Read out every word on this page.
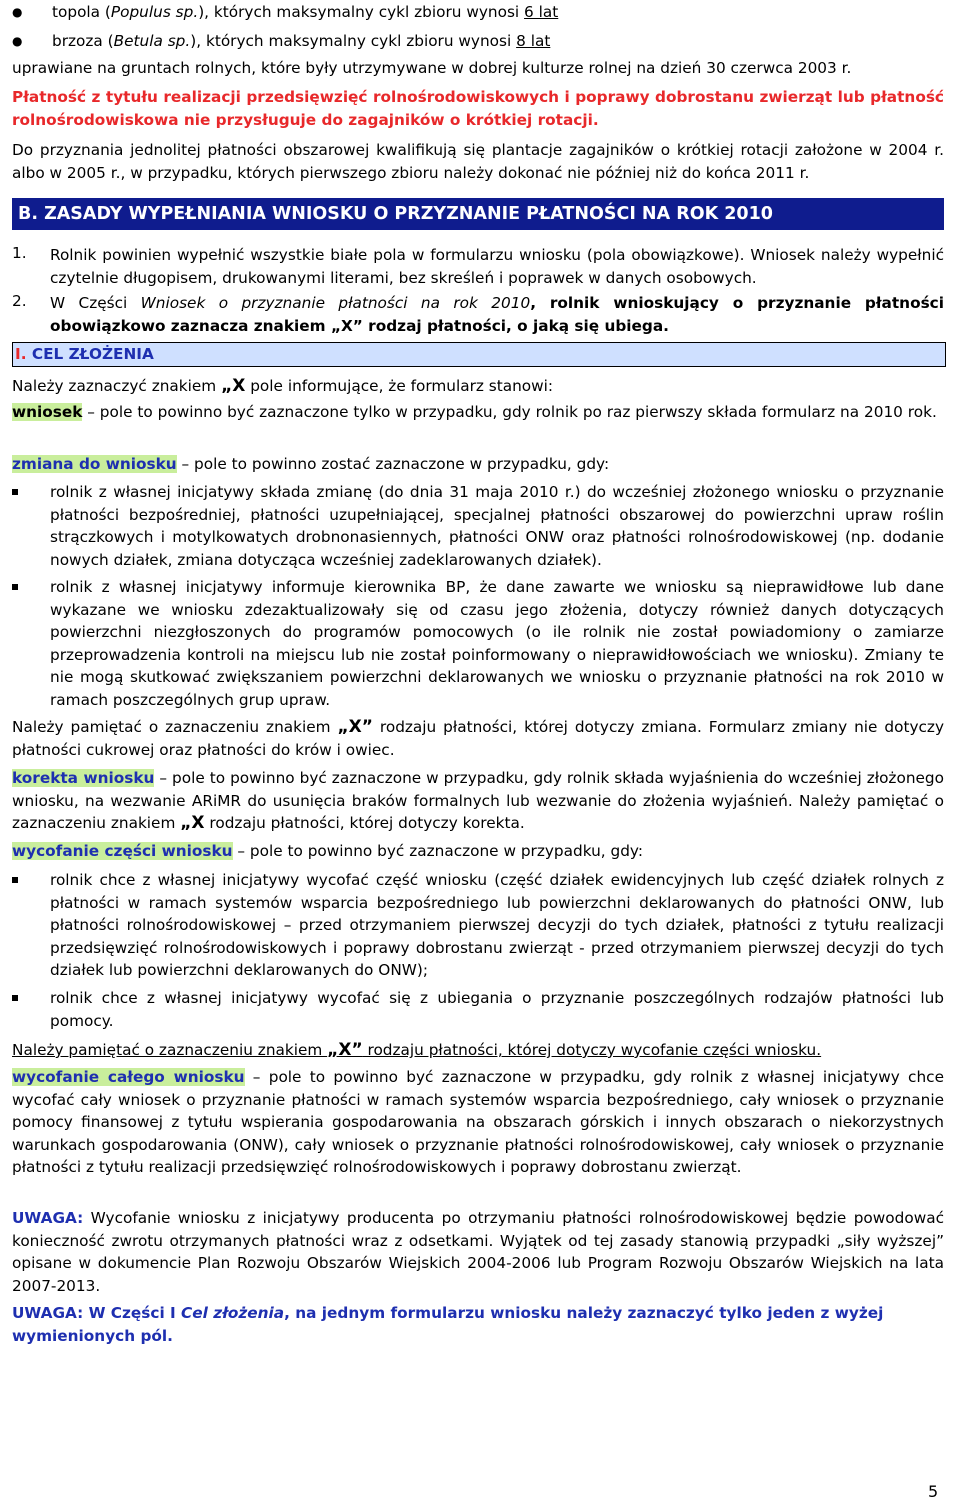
● topola (Populus sp.), których maksymalny cykl zbioru wynosi 6 lat
● brzoza (Betula sp.), których maksymalny cykl zbioru wynosi 8 lat

uprawiane na gruntach rolnych, które były utrzymywane w dobrej kulturze rolnej na dzień 30 czerwca 2003 r.

Płatność z tytułu realizacji przedsięwzięć rolnośrodowiskowych i poprawy dobrostanu zwierząt lub płatność rolnośrodowiskowa nie przysługuje do zagajników o krótkiej rotacji.

Do przyznania jednolitej płatności obszarowej kwalifikują się plantacje zagajników o krótkiej rotacji założone w 2004 r. albo w 2005 r., w przypadku, których pierwszego zbioru należy dokonać nie później niż do końca 2011 r.

B. ZASADY WYPEŁNIANIA WNIOSKU O PRZYZNANIE PŁATNOŚCI NA ROK 2010
1. Rolnik powinien wypełnić wszystkie białe pola w formularzu wniosku (pola obowiązkowe). Wniosek należy wypełnić czytelnie długopisem, drukowanymi literami, bez skreśleń i poprawek w danych osobowych.

2. W Części Wniosek o przyznanie płatności na rok 2010, rolnik wnioskujący o przyznanie płatności obowiązkowo zaznacza znakiem „X” rodzaj płatności, o jaką się ubiega.

I. CEL ZŁOŻENIA

Należy zaznaczyć znakiem „X pole informujące, że formularz stanowi:

wniosek – pole to powinno być zaznaczone tylko w przypadku, gdy rolnik po raz pierwszy składa formularz na 2010 rok.

zmiana do wniosku – pole to powinno zostać zaznaczone w przypadku, gdy:

rolnik z własnej inicjatywy składa zmianę (do dnia 31 maja 2010 r.) do wcześniej złożonego wniosku o przyznanie płatności bezpośredniej, płatności uzupełniającej, specjalnej płatności obszarowej do powierzchni upraw roślin strączkowych i motylkowatych drobnonasiennych, płatności ONW oraz płatności rolnośrodowiskowej (np. dodanie nowych działek, zmiana dotycząca wcześniej zadeklarowanych działek).

rolnik z własnej inicjatywy informuje kierownika BP, że dane zawarte we wniosku są nieprawidłowe lub dane wykazane we wniosku zdezaktualizowały się od czasu jego złożenia, dotyczy również danych dotyczących powierzchni niezgłoszonych do programów pomocowych (o ile rolnik nie został powiadomiony o zamiarze przeprowadzenia kontroli na miejscu lub nie został poinformowany o nieprawidłowościach we wniosku). Zmiany te nie mogą skutkować zwiększaniem powierzchni deklarowanych we wniosku o przyznanie płatności na rok 2010 w ramach poszczególnych grup upraw.

Należy pamiętać o zaznaczeniu znakiem „X” rodzaju płatności, której dotyczy zmiana. Formularz zmiany nie dotyczy płatności cukrowej oraz płatności do krów i owiec.

korekta wniosku – pole to powinno być zaznaczone w przypadku, gdy rolnik składa wyjaśnienia do wcześniej złożonego wniosku, na wezwanie ARiMR do usunięcia braków formalnych lub wezwanie do złożenia wyjaśnień. Należy pamiętać o zaznaczeniu znakiem „X rodzaju płatności, której dotyczy korekta.

wycofanie części wniosku – pole to powinno być zaznaczone w przypadku, gdy:

rolnik chce z własnej inicjatywy wycofać część wniosku (część działek ewidencyjnych lub część działek rolnych z płatności w ramach systemów wsparcia bezpośredniego lub powierzchni deklarowanych do płatności ONW, lub płatności rolnośrodowiskowej – przed otrzymaniem pierwszej decyzji do tych działek, płatności z tytułu realizacji przedsięwzięć rolnośrodowiskowych i poprawy dobrostanu zwierząt - przed otrzymaniem pierwszej decyzji do tych działek lub powierzchni deklarowanych do ONW);

rolnik chce z własnej inicjatywy wycofać się z ubiegania o przyznanie poszczególnych rodzajów płatności lub pomocy.

Należy pamiętać o zaznaczeniu znakiem „X” rodzaju płatności, której dotyczy wycofanie części wniosku.

wycofanie całego wniosku – pole to powinno być zaznaczone w przypadku, gdy rolnik z własnej inicjatywy chce wycofać cały wniosek o przyznanie płatności w ramach systemów wsparcia bezpośredniego, cały wniosek o przyznanie pomocy finansowej z tytułu wspierania gospodarowania na obszarach górskich i innych obszarach o niekorzystnych warunkach gospodarowania (ONW), cały wniosek o przyznanie płatności rolnośrodowiskowej, cały wniosek o przyznanie płatności z tytułu realizacji przedsięwzięć rolnośrodowiskowych i poprawy dobrostanu zwierząt.

UWAGA: Wycofanie wniosku z inicjatywy producenta po otrzymaniu płatności rolnośrodowiskowej będzie powodować konieczność zwrotu otrzymanych płatności wraz z odsetkami. Wyjątek od tej zasady stanowią przypadki „siły wyższej” opisane w dokumencie Plan Rozwoju Obszarów Wiejskich 2004-2006 lub Program Rozwoju Obszarów Wiejskich na lata 2007-2013.

UWAGA: W Części I Cel złożenia, na jednym formularzu wniosku należy zaznaczyć tylko jeden z wyżej wymienionych pól.

5
